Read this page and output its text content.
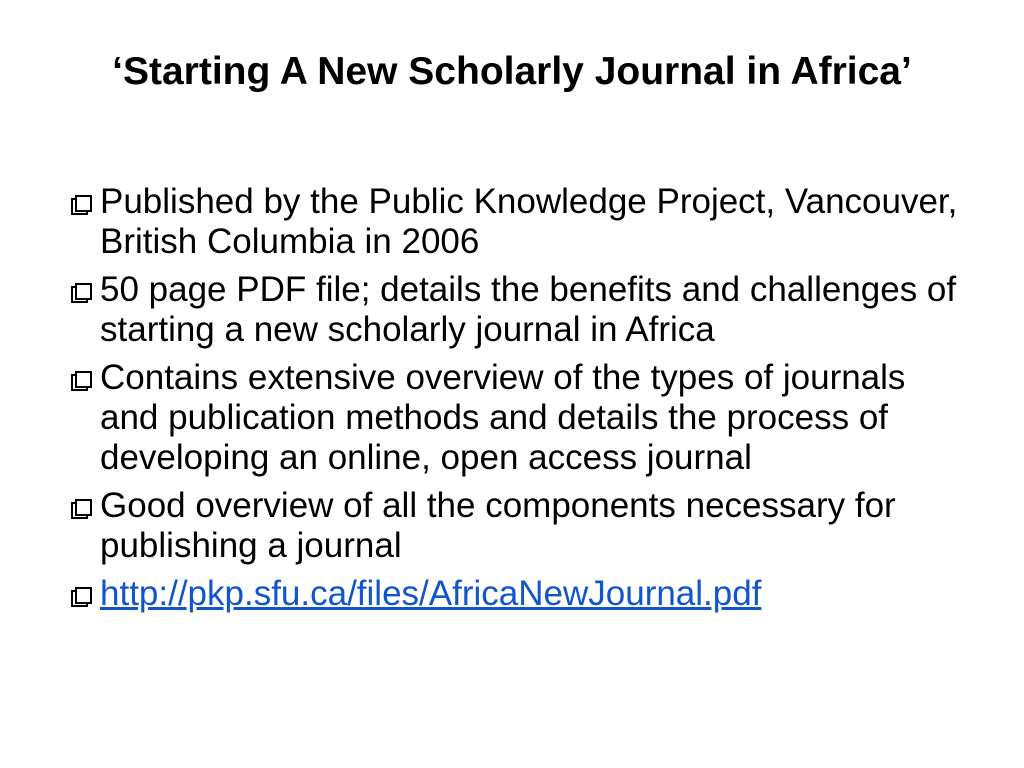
‘Starting A New Scholarly Journal in Africa’
Published by the Public Knowledge Project, Vancouver, British Columbia in 2006
50 page PDF file; details the benefits and challenges of starting a new scholarly journal in Africa
Contains extensive overview of the types of journals and publication methods and details the process of developing an online, open access journal
Good overview of all the components necessary for publishing a journal
http://pkp.sfu.ca/files/AfricaNewJournal.pdf
